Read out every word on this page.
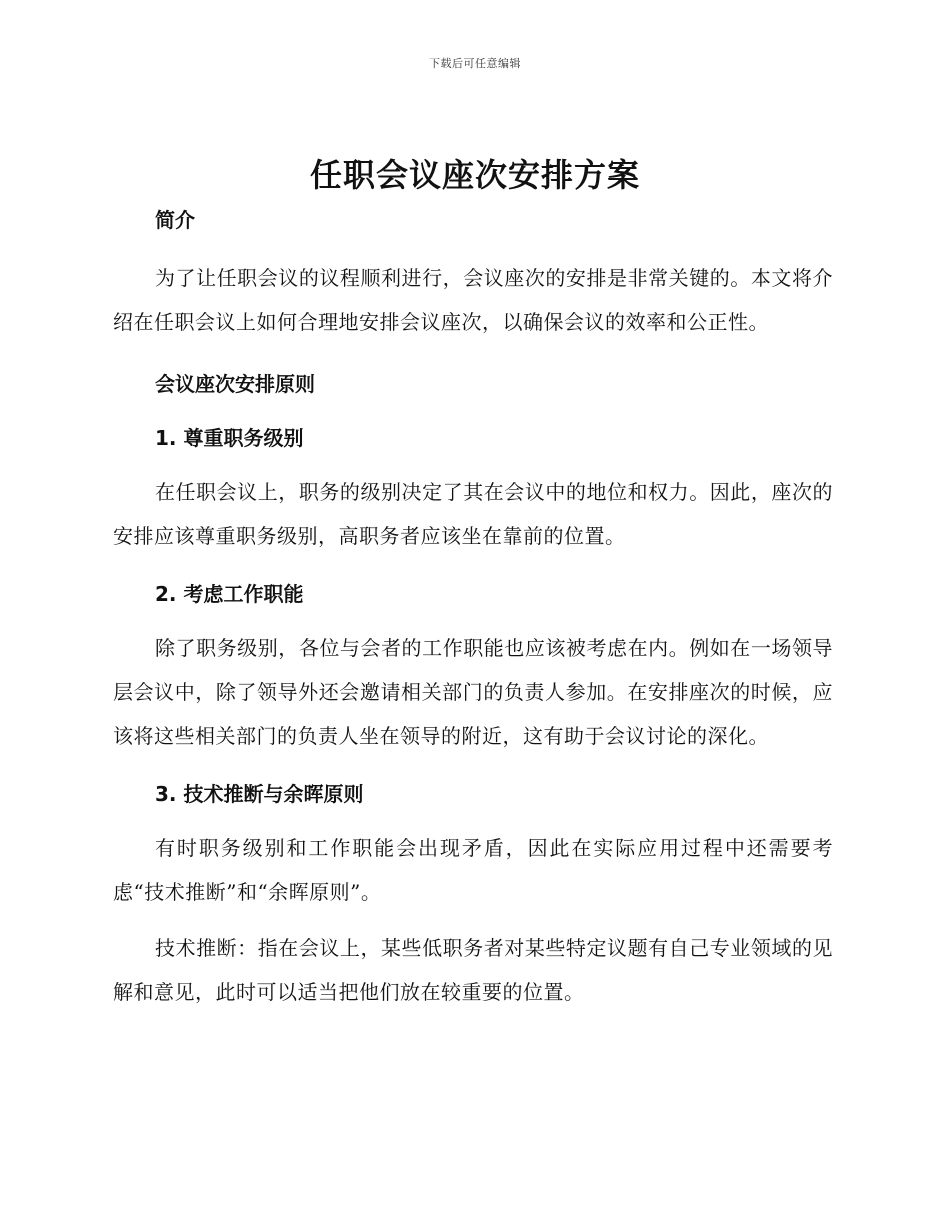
下载后可任意编辑
任职会议座次安排方案
简介

为了让任职会议的议程顺利进行，会议座次的安排是非常关键的。本文将介绍在任职会议上如何合理地安排会议座次，以确保会议的效率和公正性。

会议座次安排原则
1. 尊重职务级别

在任职会议上，职务的级别决定了其在会议中的地位和权力。因此，座次的安排应该尊重职务级别，高职务者应该坐在靠前的位置。

2. 考虑工作职能

除了职务级别，各位与会者的工作职能也应该被考虑在内。例如在一场领导层会议中，除了领导外还会邀请相关部门的负责人参加。在安排座次的时候，应该将这些相关部门的负责人坐在领导的附近，这有助于会议讨论的深化。

3. 技术推断与余晖原则

有时职务级别和工作职能会出现矛盾，因此在实际应用过程中还需要考虑“技术推断”和“余晖原则”。

技术推断：指在会议上，某些低职务者对某些特定议题有自己专业领域的见解和意见，此时可以适当把他们放在较重要的位置。
